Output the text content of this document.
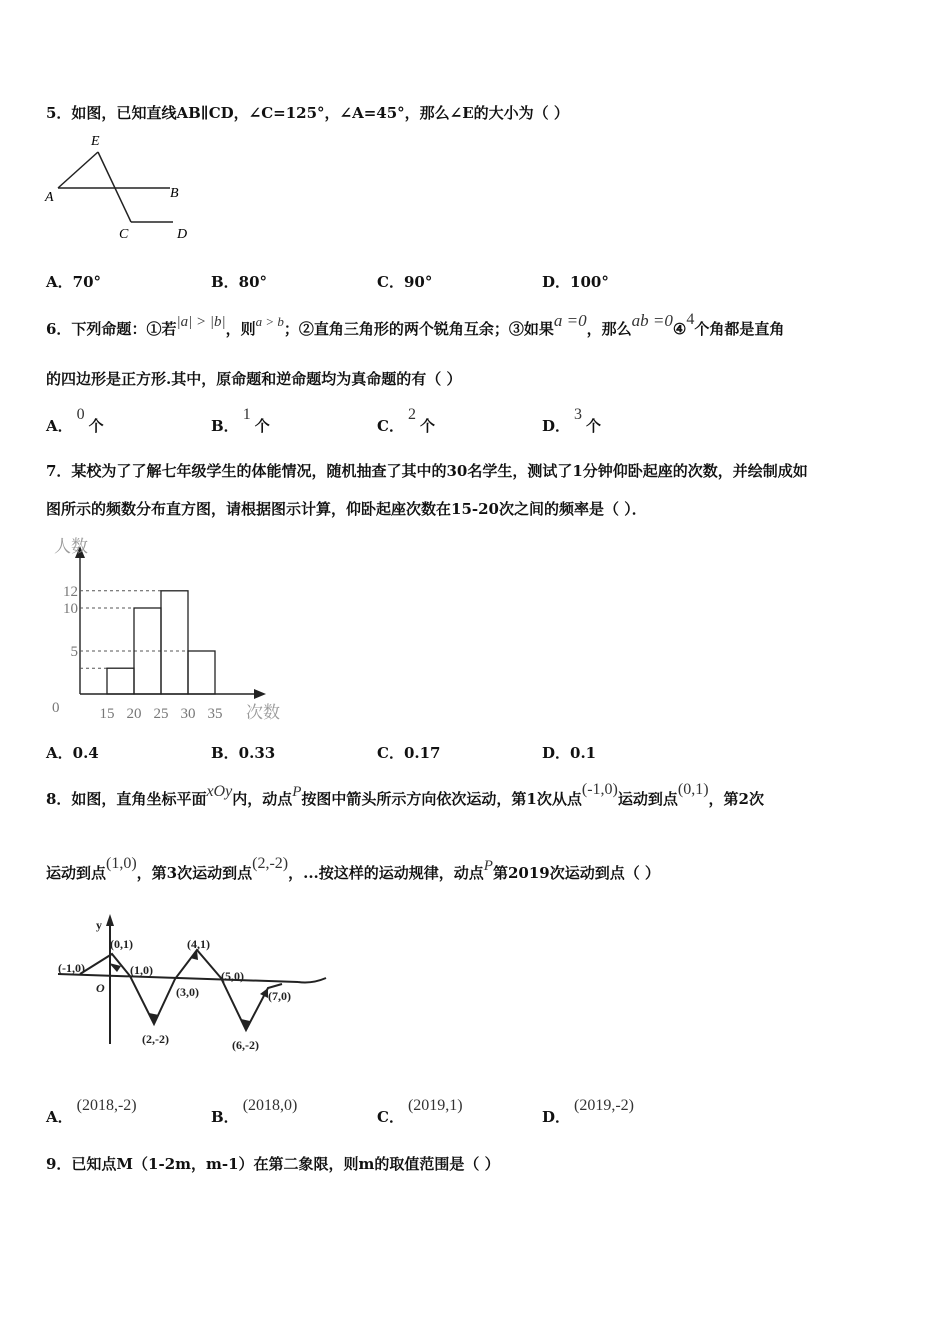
5．如图，已知直线AB∥CD，∠C=125°，∠A=45°，那么∠E的大小为（ ）
E
A	B
C	D
A．70°	B．80°	C．90°	D．100°
6．下列命题：①若|a| > |b|，则a > b；②直角三角形的两个锐角互余；③如果a =0，那么ab =0④4个角都是直角
的四边形是正方形.其中，原命题和逆命题均为真命题的有（ ）
A．0个	B．1个	C．2个	D．3个
7．某校为了了解七年级学生的体能情况，随机抽查了其中的30名学生，测试了1分钟仰卧起座的次数，并绘制成如
图所示的频数分布直方图，请根据图示计算，仰卧起座次数在15-20次之间的频率是（ ）．
人数
次数
0
5
10
12
15 20 25 30 35
A．0.4	B．0.33	C．0.17	D．0.1
8．如图，直角坐标平面xOy内，动点P按图中箭头所示方向依次运动，第1次从点(-1,0)运动到点(0,1)，第2次
运动到点(1,0)，第3次运动到点(2,-2)，...按这样的运动规律，动点P第2019次运动到点（ ）
y
O
(-1,0)
(0,1)
(1,0)
(2,-2)
(3,0)
(4,1)
(5,0)
(6,-2)
(7,0)
A．(2018,-2)
B．(2018,0)
C．(2019,1)
D．(2019,-2)
9．已知点M（1-2m，m-1）在第二象限，则m的取值范围是（ ）
